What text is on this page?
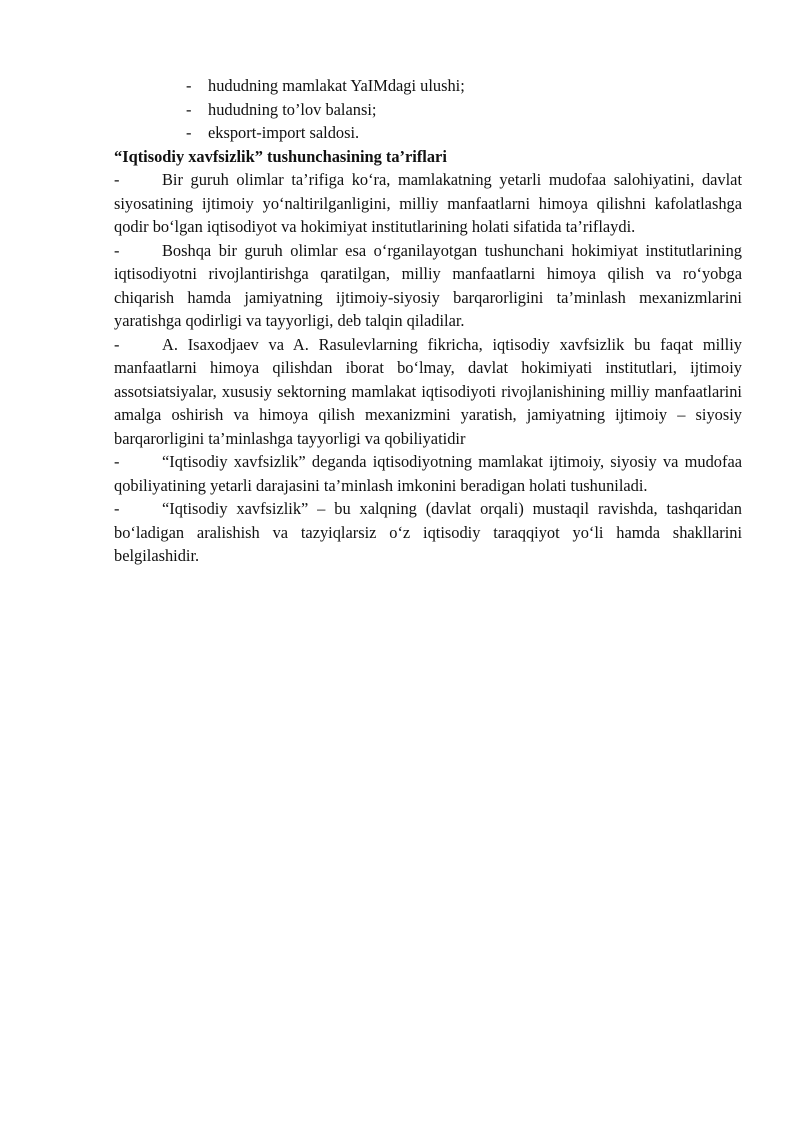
- hududning mamlakat YaIMdagi ulushi;
- hududning to’lov balansi;
- eksport-import saldosi.

“Iqtisodiy xavfsizlik” tushunchasining ta’riflari

-	Bir guruh olimlar ta’rifiga ko‘ra, mamlakatning yetarli mudofaa salohiyatini, davlat siyosatining ijtimoiy yo‘naltirilganligini, milliy manfaatlarni himoya qilishni kafolatlashga qodir bo‘lgan iqtisodiyot va hokimiyat institutlarining holati sifatida ta’riflaydi.

-	Boshqa bir guruh olimlar esa o‘rganilayotgan tushunchani hokimiyat institutlarining iqtisodiyotni rivojlantirishga qaratilgan, milliy manfaatlarni himoya qilish va ro‘yobga chiqarish hamda jamiyatning ijtimoiy-siyosiy barqarorligini ta’minlash mexanizmlarini yaratishga qodirligi va tayyorligi, deb talqin qiladilar.

-	A. Isaxodjaev va A. Rasulevlarning fikricha, iqtisodiy xavfsizlik bu faqat milliy manfaatlarni himoya qilishdan iborat bo‘lmay, davlat hokimiyati institutlari, ijtimoiy assotsiatsiyalar, xususiy sektorning mamlakat iqtisodiyoti rivojlanishining milliy manfaatlarini amalga oshirish va himoya qilish mexanizmini yaratish, jamiyatning ijtimoiy – siyosiy barqarorligini ta’minlashga tayyorligi va qobiliyatidir

-	“Iqtisodiy xavfsizlik” deganda iqtisodiyotning mamlakat ijtimoiy, siyosiy va mudofaa qobiliyatining yetarli darajasini ta’minlash imkonini beradigan holati tushuniladi.

-	“Iqtisodiy xavfsizlik” – bu xalqning (davlat orqali) mustaqil ravishda, tashqaridan bo‘ladigan aralishish va tazyiqlarsiz o‘z iqtisodiy taraqqiyot yo‘li hamda shakllarini belgilashidir.
